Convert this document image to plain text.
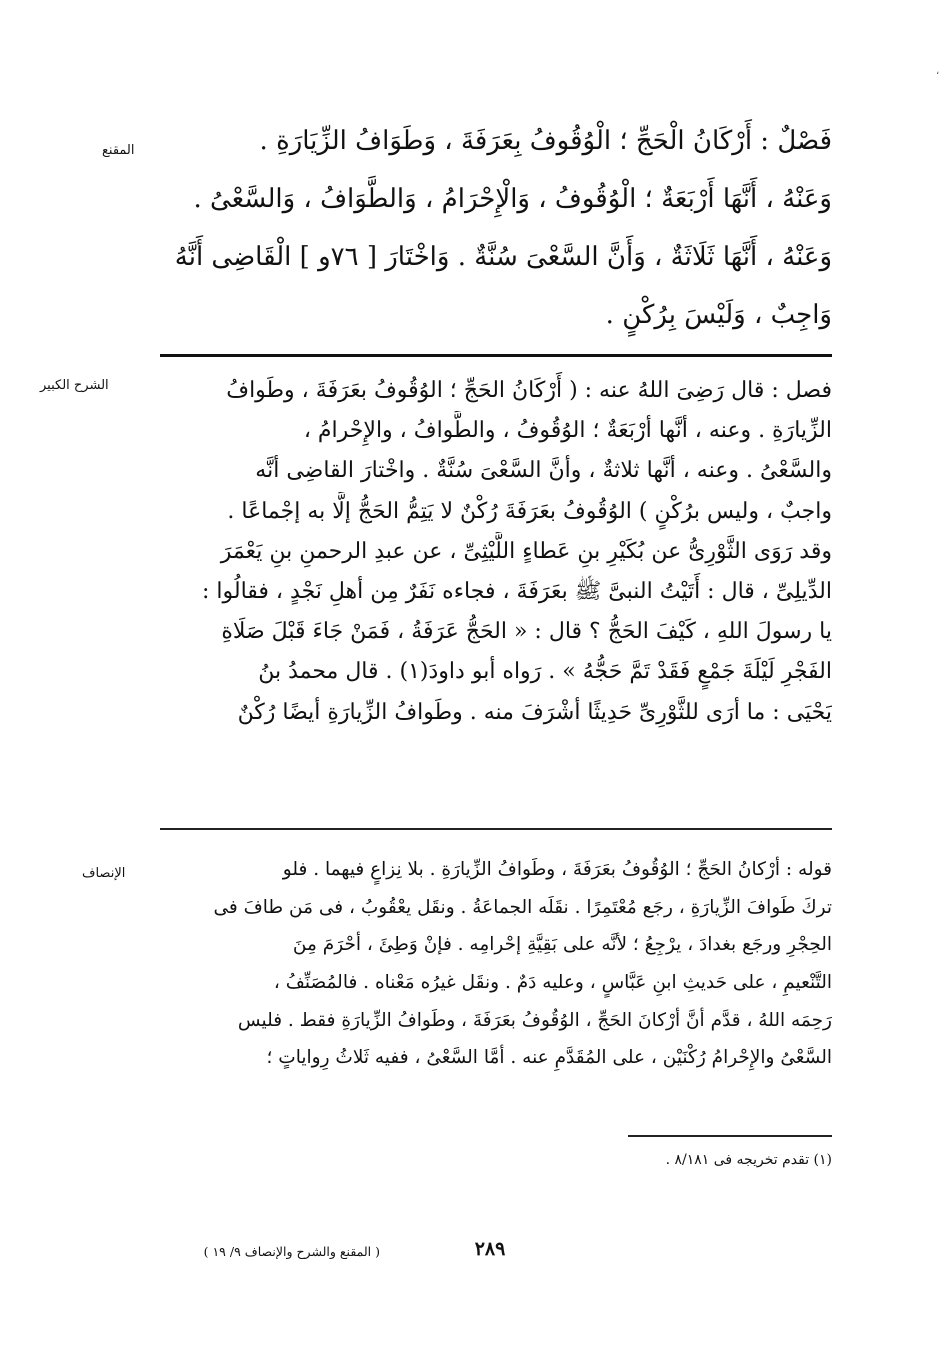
،
المقنع	فَصْلٌ : أَرْكَانُ الْحَجِّ ؛ الْوُقُوفُ بِعَرَفَةَ ، وَطَوَافُ الزِّيَارَةِ .
وَعَنْهُ ، أَنَّهَا أَرْبَعَةٌ ؛ الْوُقُوفُ ، وَالْإِحْرَامُ ، وَالطَّوَافُ ، وَالسَّعْىُ .
وَعَنْهُ ، أَنَّهَا ثَلَاثَةٌ ، وَأَنَّ السَّعْىَ سُنَّةٌ . وَاخْتَارَ [ ٧٦و ] الْقَاضِى أَنَّهُ
وَاجِبٌ ، وَلَيْسَ بِرُكْنٍ .
الشرح الكبير	فصل : قال رَضِىَ اللهُ عنه : ( أَرْكَانُ الحَجِّ ؛ الوُقُوفُ بعَرَفَةَ ، وطَوافُ
الزِّيارَةِ . وعنه ، أنَّها أرْبَعَةٌ ؛ الوُقُوفُ ، والطَّوافُ ، والإِحْرامُ ،
والسَّعْىُ . وعنه ، أنَّها ثلاثةٌ ، وأنَّ السَّعْىَ سُنَّةٌ . واخْتارَ القاضِى أنَّه
واجبٌ ، وليس برُكْنٍ ) الوُقُوفُ بعَرَفَةَ رُكْنٌ لا يَتِمُّ الحَجُّ إلَّا به إجْماعًا .
وقد رَوَى الثَّوْرِىُّ عن بُكَيْرِ بنِ عَطاءٍ اللَّيْثِىِّ ، عن عبدِ الرحمنِ بنِ يَعْمَرَ
الدِّيلِىِّ ، قال : أَتَيْتُ النبىَّ ﷺ بعَرَفَةَ ، فجاءه نَفَرٌ مِن أهلِ نَجْدٍ ، فقالُوا :
يا رسولَ اللهِ ، كَيْفَ الحَجُّ ؟ قال : « الحَجُّ عَرَفَةُ ، فَمَنْ جَاءَ قَبْلَ صَلَاةِ
الفَجْرِ لَيْلَةَ جَمْعٍ فَقَدْ تَمَّ حَجُّهُ » . رَواه أبو داودَ(١) . قال محمدُ بنُ
يَحْيَى : ما أرَى للثَّوْرِىِّ حَدِيثًا أشْرَفَ منه . وطَوافُ الزِّيارَةِ أيضًا رُكْنٌ
الإنصاف	قوله : أرْكانُ الحَجِّ ؛ الوُقُوفُ بعَرَفَةَ ، وطَوافُ الزِّيارَةِ . بلا نِزاعٍ فيهما . فلو
تركَ طَوافَ الزِّيارَةِ ، رجَع مُعْتَمِرًا . نقَلَه الجماعَةُ . ونقَل يعْقُوبُ ، فى مَن طافَ فى
الحِجْرِ ورجَع بغدادَ ، يرْجِعُ ؛ لأنَّه على بَقِيَّةِ إحْرامِه . فإنْ وَطِئَ ، أحْرَمَ مِنَ
التَّنْعيمِ ، على حَديثِ ابنِ عَبَّاسٍ ، وعليه دَمٌ . ونقَل غيرُه مَعْناه . فالمُصَنِّفُ ،
رَحِمَه اللهُ ، قدَّم أنَّ أرْكانَ الحَجِّ ، الوُقُوفُ بعَرَفَةَ ، وطَوافُ الزِّيارَةِ فقط . فليس
السَّعْىُ والإِحْرامُ رُكْنَيْن ، على المُقَدَّمِ عنه . أمَّا السَّعْىُ ، ففيه ثَلاثُ رِواياتٍ ؛
(١) تقدم تخريجه فى ٨/١٨١ .
٢٨٩
( المقنع والشرح والإنصاف ٩/ ١٩ )
